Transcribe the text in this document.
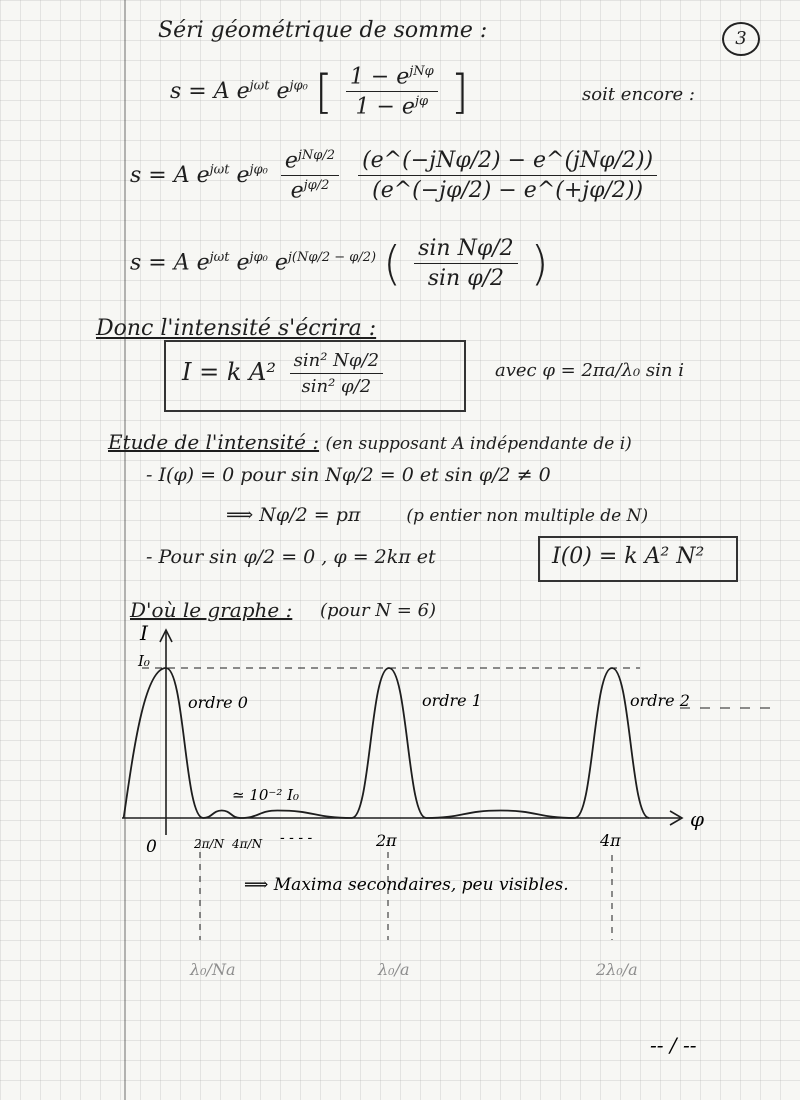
3
Séri géométrique de somme :
s = A $e^{j\omega t}$ $e^{j\varphi_0}$ [ $\frac{1 - e^{jN\varphi}}{1 - e^{j\varphi}}$ ]	soit encore :
s = A $e^{j\omega t}$ $e^{j\varphi_0} \frac{e^{jN\varphi/2}}{e^{j\varphi/2}}$
$\frac{\text{(e\textasciicircum{}(−jNφ/2) − e\textasciicircum{}(jNφ/2))}}{(e\^{}(-j\varphi/2) - e\^{}(+j\varphi/2))}$
s = A $e^{j\omega t}$ $e^{j\varphi_0}$ $e^{j(N\varphi/2 - \varphi/2)}$ ( $\frac{\text{sin Nφ/2}}{\text{sin φ/2}}$ )
Donc l'intensité s'écrira :
I = k $A^2 \frac{\text{sin² Nφ/2}}{\text{sin² φ/2}}$	avec φ = 2πa/λ₀ sin i
Etude de l'intensité : (en supposant A indépendante de i)
- I(φ) = 0 pour sin Nφ/2 = 0 et sin φ/2 ≠ 0
⟹ Nφ/2 = pπ	(p entier non multiple de N)
- Pour sin φ/2 = 0 , φ = 2kπ et	I(0) = k A² N²
D'où le graphe : (pour N = 6)
I
I₀
φ
ordre 0	ordre 1	ordre 2
≃ 10⁻² I₀
0	2π/N 4π/N - - - -	2π	4π
⟹ Maxima secondaires, peu visibles.
λ₀/Na	λ₀/a	2λ₀/a
-- / --
